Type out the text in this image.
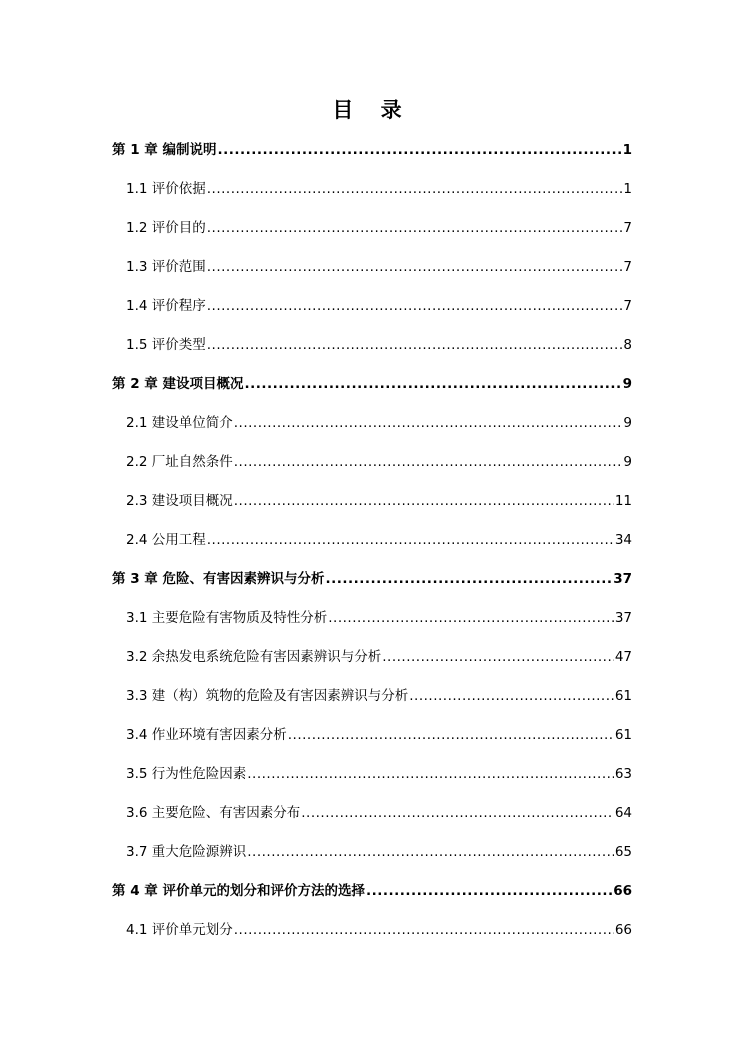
目 录
第 1 章 编制说明 .....	1
1.1 评价依据 .....	1
1.2 评价目的 .....	7
1.3 评价范围 .....	7
1.4 评价程序 .....	7
1.5 评价类型 .....	8
第 2 章 建设项目概况 .....	9
2.1 建设单位简介 .....	9
2.2 厂址自然条件 .....	9
2.3 建设项目概况 .....	11
2.4 公用工程 .....	34
第 3 章 危险、有害因素辨识与分析 .....	37
3.1 主要危险有害物质及特性分析 .....	37
3.2 余热发电系统危险有害因素辨识与分析 .....	47
3.3 建（构）筑物的危险及有害因素辨识与分析 .....	61
3.4 作业环境有害因素分析 .....	61
3.5 行为性危险因素 .....	63
3.6 主要危险、有害因素分布 .....	64
3.7 重大危险源辨识 .....	65
第 4 章 评价单元的划分和评价方法的选择 .....	66
4.1 评价单元划分 .....	66
